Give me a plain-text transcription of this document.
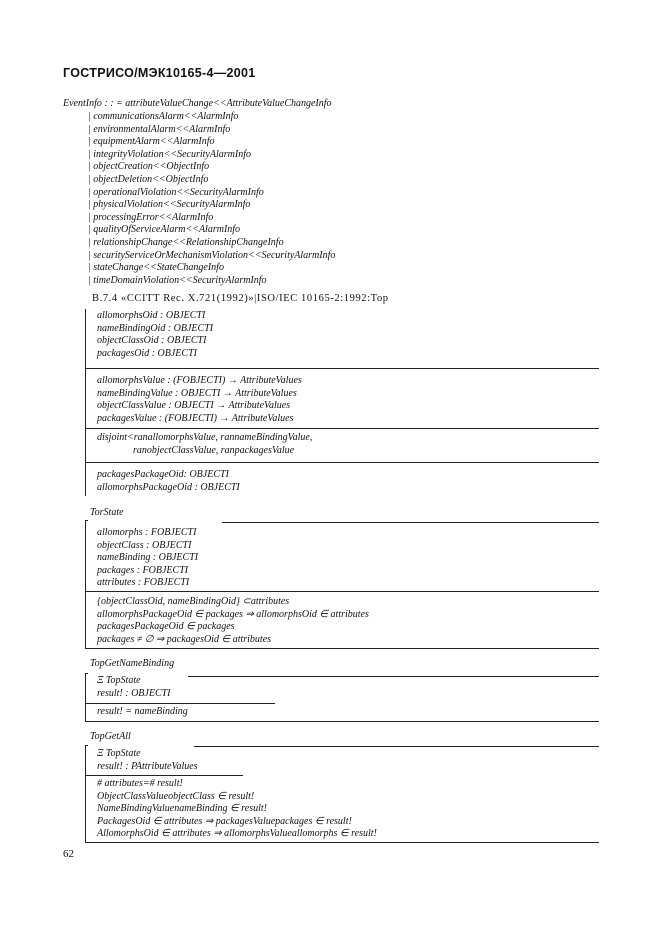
ГОСТРИСО/МЭК10165-4—2001
EventInfo : : = attributeValueChange<<AttributeValueChangeInfo
| communicationsAlarm<<AlarmInfo
| environmentalAlarm<<AlarmInfo
| equipmentAlarm<<AlarmInfo
| integrityViolation<<SecurityAlarmInfo
| objectCreation<<ObjectInfo
| objectDeletion<<ObjectInfo
| operationalViolation<<SecurityAlarmInfo
| physicalViolation<<SecurityAlarmInfo
| processingError<<AlarmInfo
| qualityOfServiceAlarm<<AlarmInfo
| relationshipChange<<RelationshipChangeInfo
| securityServiceOrMechanismViolation<<SecurityAlarmInfo
| stateChange<<StateChangeInfo
| timeDomainViolation<<SecurityAlarmInfo
B.7.4 «CCITT Rec. X.721(1992)»|ISO/IEC 10165-2:1992:Top
allomorphsOid : OBJECTI
nameBindingOid : OBJECTI
objectClassOid : OBJECTI
packagesOid : OBJECTI
allomorphsValue : (FOBJECTI) → AttributeValues
nameBindingValue : OBJECTI → AttributeValues
objectClassValue : OBJECTI → AttributeValues
packagesValue : (FOBJECTI) → AttributeValues
disjoint<ranallomorphsValue, rannameBindingValue,
ranobjectClassValue, ranpackagesValue
packagesPackageOid: OBJECTI
allomorphsPackageOid : OBJECTI
TorState
allomorphs : FOBJECTI
objectClass : OBJECTI
nameBinding : OBJECTI
packages : FOBJECTI
attributes : FOBJECTI
{objectClassOid, nameBindingOid} ⊂attributes
allomorphsPackageOid ∈ packages ⇒ allomorphsOid ∈ attributes
packagesPackageOid ∈ packages
packages ≠ ∅ ⇒ packagesOid ∈ attributes
TopGetNameBinding
Ξ TopState
result! : OBJECTI
result! = nameBinding
TopGetAll
Ξ TopState
result! : PAttributeValues
# attributes=# result!
ObjectClassValueobjectClass ∈ result!
NameBindingValuenameBinding ∈ result!
PackagesOid ∈ attributes ⇒ packagesValuepackages ∈ result!
AllomorphsOid ∈ attributes ⇒ allomorphsValueallomorphs ∈ result!
62
